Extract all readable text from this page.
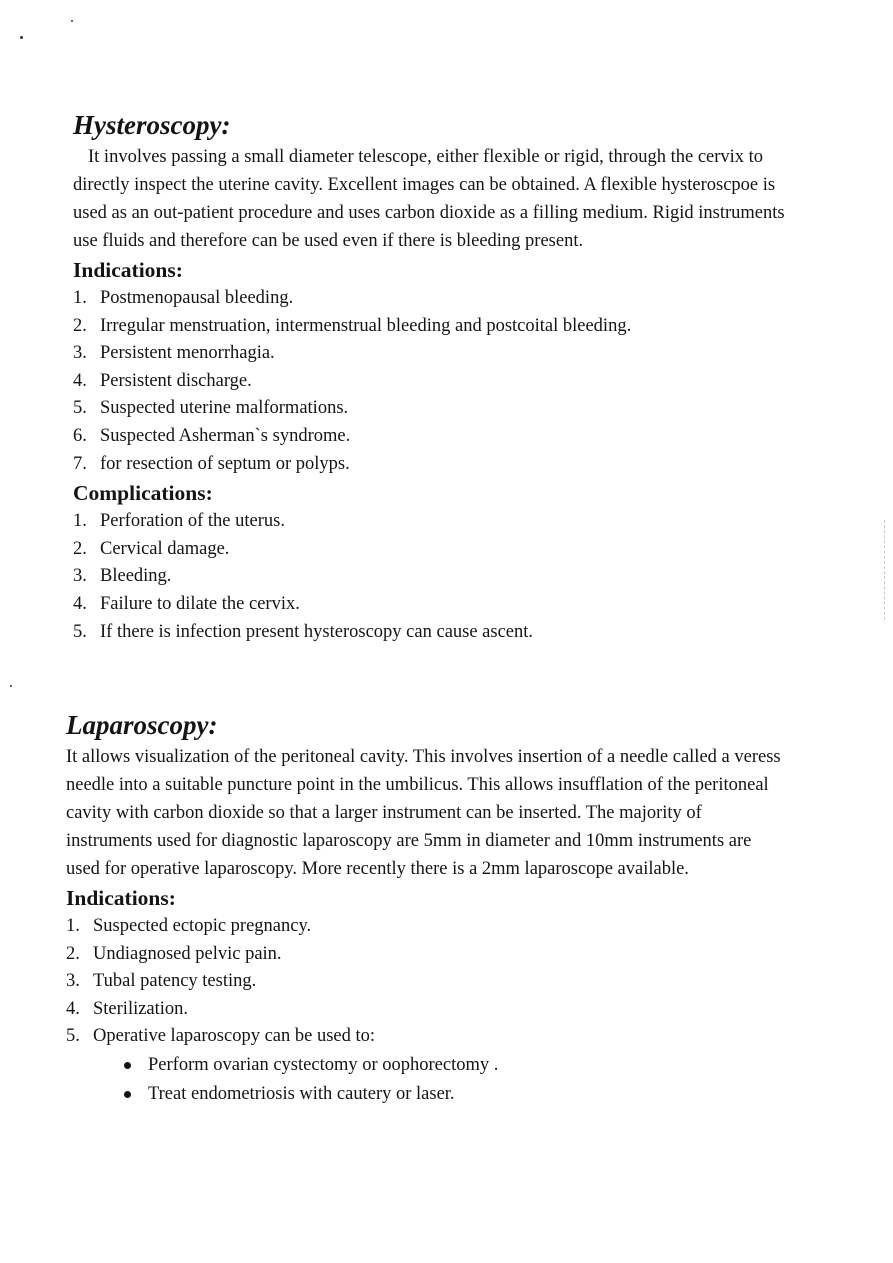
Hysteroscopy:

It involves passing a small diameter telescope, either flexible or rigid, through the cervix to directly inspect the uterine cavity. Excellent images can be obtained. A flexible hysteroscpoe is used as an out-patient procedure and uses carbon dioxide as a filling medium. Rigid instruments use fluids and therefore can be used even if there is bleeding present.

Indications:
1. Postmenopausal bleeding.
2. Irregular menstruation, intermenstrual bleeding and postcoital bleeding.
3. Persistent menorrhagia.
4. Persistent discharge.
5. Suspected uterine malformations.
6. Suspected Asherman`s syndrome.
7. for resection of septum or polyps.
Complications:
1. Perforation of the uterus.
2. Cervical damage.
3. Bleeding.
4. Failure to dilate the cervix.
5. If there is infection present hysteroscopy can cause ascent.
Laparoscopy:

It allows visualization of the peritoneal cavity. This involves insertion of a needle called a veress needle into a suitable puncture point in the umbilicus. This allows insufflation of the peritoneal cavity with carbon dioxide so that a larger instrument can be inserted. The majority of instruments used for diagnostic laparoscopy are 5mm in diameter and 10mm instruments are used for operative laparoscopy. More recently there is a 2mm laparoscope available.

Indications:
1. Suspected ectopic pregnancy.
2. Undiagnosed pelvic pain.
3. Tubal patency testing.
4. Sterilization.
5. Operative laparoscopy can be used to:
Perform ovarian cystectomy or oophorectomy .
Treat endometriosis with cautery or laser.
